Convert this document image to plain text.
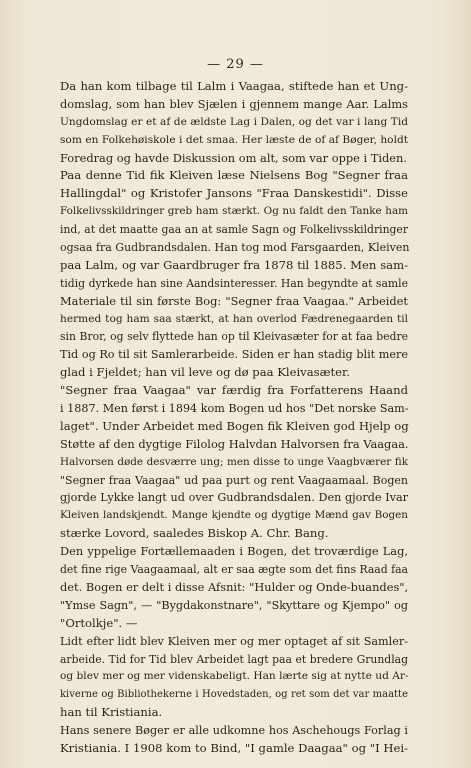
— 29 —
Da han kom tilbage til Lalm i Vaagaa, stiftede han et Ung-
domslag, som han blev Sjælen i gjennem mange Aar. Lalms
Ungdomslag er et af de ældste Lag i Dalen, og det var i lang Tid
som en Folkehøiskole i det smaa. Her læste de of af Bøger, holdt
Foredrag og havde Diskussion om alt, som var oppe i Tiden.
Paa denne Tid fik Kleiven læse Nielsens Bog "Segner fraa
Hallingdal" og Kristofer Jansons "Fraa Danskestidi". Disse
Folkelivsskildringer greb ham stærkt. Og nu faldt den Tanke ham
ind, at det maatte gaa an at samle Sagn og Folkelivsskildringer
ogsaa fra Gudbrandsdalen. Han tog mod Farsgaarden, Kleiven
paa Lalm, og var Gaardbruger fra 1878 til 1885. Men sam-
tidig dyrkede han sine Aandsinteresser. Han begyndte at samle
Materiale til sin første Bog: "Segner fraa Vaagaa." Arbeidet
hermed tog ham saa stærkt, at han overlod Fædrenegaarden til
sin Bror, og selv flyttede han op til Kleivasæter for at faa bedre
Tid og Ro til sit Samlerarbeide. Siden er han stadig blit mere
glad i Fjeldet; han vil leve og dø paa Kleivasæter.
"Segner fraa Vaagaa" var færdig fra Forfatterens Haand
i 1887. Men først i 1894 kom Bogen ud hos "Det norske Sam-
laget". Under Arbeidet med Bogen fik Kleiven god Hjelp og
Støtte af den dygtige Filolog Halvdan Halvorsen fra Vaagaa.
Halvorsen døde desværre ung; men disse to unge Vaagbværer fik
"Segner fraa Vaagaa" ud paa purt og rent Vaagaamaal. Bogen
gjorde Lykke langt ud over Gudbrandsdalen. Den gjorde Ivar
Kleiven landskjendt. Mange kjendte og dygtige Mænd gav Bogen
stærke Lovord, saaledes Biskop A. Chr. Bang.
Den yppelige Fortællemaaden i Bogen, det troværdige Lag,
det fine rige Vaagaamaal, alt er saa ægte som det fins Raad faa
det. Bogen er delt i disse Afsnit: "Hulder og Onde-buandes",
"Ymse Sagn", — "Bygdakonstnare", "Skyttare og Kjempo" og
"Ortolkje". —
Lidt efter lidt blev Kleiven mer og mer optaget af sit Samler-
arbeide. Tid for Tid blev Arbeidet lagt paa et bredere Grundlag
og blev mer og mer videnskabeligt. Han lærte sig at nytte ud Ar-
kiverne og Bibliothekerne i Hovedstaden, og ret som det var maatte
han til Kristiania.
Hans senere Bøger er alle udkomne hos Aschehougs Forlag i
Kristiania. I 1908 kom to Bind, "I gamle Daagaa" og "I Hei-
